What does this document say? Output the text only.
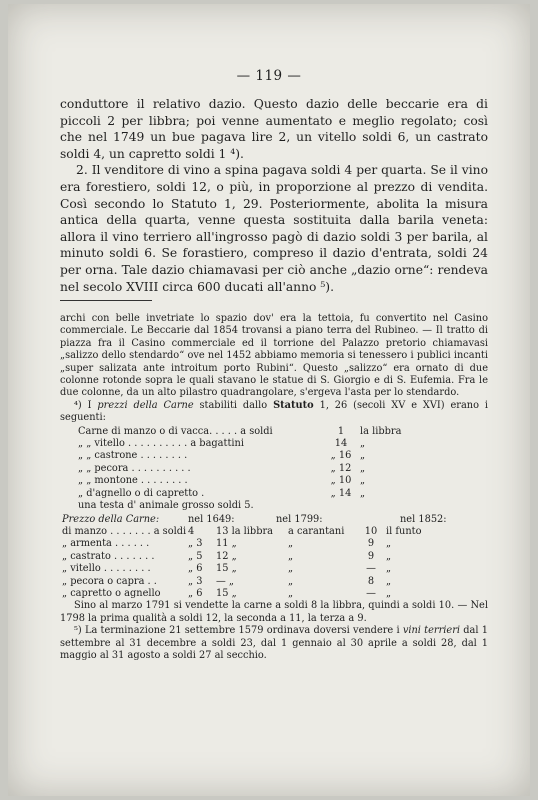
— 119 —

conduttore il relativo dazio. Questo dazio delle beccarie era di piccoli 2 per libbra; poi venne aumentato e meglio regolato; così che nel 1749 un bue pagava lire 2, un vitello soldi 6, un castrato soldi 4, un capretto soldi 1 ⁴).

2. Il venditore di vino a spina pagava soldi 4 per quarta. Se il vino era forestiero, soldi 12, o più, in proporzione al prezzo di vendita. Così secondo lo Statuto 1, 29. Posteriormente, abolita la misura antica della quarta, venne questa sostituita dalla barila veneta: allora il vino terriero all'ingrosso pagò di dazio soldi 3 per barila, al minuto soldi 6. Se forastiero, compreso il dazio d'entrata, soldi 24 per orna. Tale dazio chiamavasi per ciò anche „dazio orne“: rendeva nel secolo XVIII circa 600 ducati all'anno ⁵).

archi con belle invetriate lo spazio dov' era la tettoia, fu convertito nel Casino commerciale. Le Beccarie dal 1854 trovansi a piano terra del Rubineo. — Il tratto di piazza fra il Casino commerciale ed il torrione del Palazzo pretorio chiamavasi „salizzo dello stendardo“ ove nel 1452 abbiamo memoria si tenessero i publici incanti „super salizata ante introitum porto Rubini“. Questo „salizzo“ era ornato di due colonne rotonde sopra le quali stavano le statue di S. Giorgio e di S. Eufemia. Fra le due colonne, da un alto pilastro quadrangolare, s'ergeva l'asta per lo stendardo.

⁴) I prezzi della Carne stabiliti dallo Statuto 1, 26 (secoli XV e XVI) erano i seguenti:

Carne di manzo o di vacca. . . . . a soldi	1	la libbra
„ „ vitello . . . . . . . . . . a bagattini	14	„
„ „ castrone . . . . . . . .	„ 16 „
„ „ pecora . . . . . . . . . .	„ 12 „
„ „ montone . . . . . . . .	„ 10 „
„ d'agnello o di capretto .	„ 14 „
una testa d' animale grosso soldi 5.
Prezzo della Carne:	nel 1649:	nel 1799:	nel 1852:
di manzo . . . . . . . a soldi 4	13 la libbra	a carantani	10 il funto
„ armenta . . . . . .	„ 3	11 „	„	9	„
„ castrato . . . . . . .	„ 5	12 „	„	9	„
„ vitello . . . . . . . .	„ 6	15 „	„	—	„
„ pecora o capra . .	„ 3	— „	„	8	„
„ capretto o agnello	„ 6	15 „	„	—	„

Sino al marzo 1791 si vendette la carne a soldi 8 la libbra, quindi a soldi 10. — Nel 1798 la prima qualità a soldi 12, la seconda a 11, la terza a 9.

⁵) La terminazione 21 settembre 1579 ordinava doversi vendere i vini terrieri dal 1 settembre al 31 decembre a soldi 23, dal 1 gennaio al 30 aprile a soldi 28, dal 1 maggio al 31 agosto a soldi 27 al secchio.
